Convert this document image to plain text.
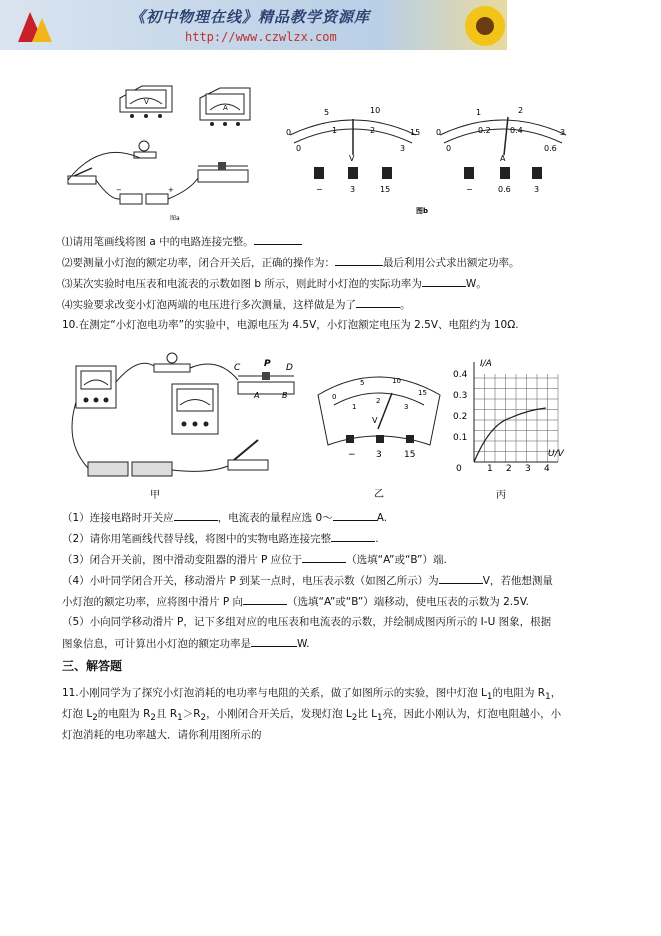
《初中物理在线》精品教学资源库
http://www.czwlzx.com
V
A
−	+
图a
0
5	10
15
0
1	2
3
V
−	3	15
0
1	2
3
0
0.2 0.4
0.6
A
−	0.6	3
图b
⑴请用笔画线将图 a 中的电路连接完整。
⑵要测量小灯泡的额定功率，闭合开关后，正确的操作为：	最后利用公式求出额定功率。
⑶某次实验时电压表和电流表的示数如图 b 所示，则此时小灯泡的实际功率为	W。
⑷实验要求改变小灯泡两端的电压进行多次测量，这样做是为了	。
10.在测定“小灯泡电功率”的实验中，电源电压为 4.5V，小灯泡额定电压为 2.5V、电阻约为 10Ω.
C	P D
A	B
甲
0
5	10
15
1
2
3
V
− 3 15
乙
I/A
U/V
0.4
0.3
0.2
0.1
0	1 2 3 4
丙
（1）连接电路时开关应	，电流表的量程应选 0～	A.
（2）请你用笔画线代替导线，将图中的实物电路连接完整	.
（3）闭合开关前，图中滑动变阻器的滑片 P 应位于	（选填“A”或“B”）端.
（4）小叶同学闭合开关，移动滑片 P 到某一点时，电压表示数（如图乙所示）为	V，若他想测量
小灯泡的额定功率，应将图中滑片 P 向	（选填“A”或“B”）端移动，使电压表的示数为 2.5V.
（5）小向同学移动滑片 P，记下多组对应的电压表和电流表的示数，并绘制成图丙所示的 I-U 图象，根据
图象信息，可计算出小灯泡的额定功率是	W.
三、解答题
11.小刚同学为了探究小灯泡消耗的电功率与电阻的关系，做了如图所示的实验，图中灯泡 $L_1$的电阻为 $R_1$，
灯泡 $L_2$的电阻为 $R_2$且 $R_1>R_2$，小刚闭合开关后，发现灯泡 $L_2$比 $L_1$亮，因此小刚认为，灯泡电阻越小，小
灯泡消耗的电功率越大．请你利用图所示的
